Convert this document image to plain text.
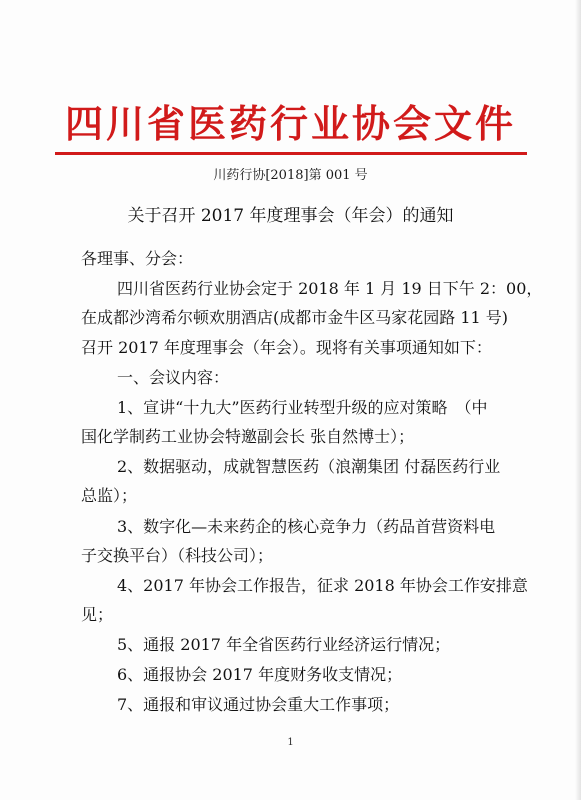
四川省医药行业协会文件
川药行协[2018]第 001 号
关于召开 2017 年度理事会（年会）的通知
各理事、分会：
四川省医药行业协会定于 2018 年 1 月 19 日下午 2：00，
在成都沙湾希尔顿欢朋酒店(成都市金牛区马家花园路 11 号)
召开 2017 年度理事会（年会）。现将有关事项通知如下：
一、会议内容：
1、宣讲“十九大”医药行业转型升级的应对策略　（中
国化学制药工业协会特邀副会长 张自然博士）；
2、数据驱动，成就智慧医药（浪潮集团 付磊医药行业
总监）；
3、数字化—未来药企的核心竞争力（药品首营资料电
子交换平台）（科技公司）；
4、2017 年协会工作报告，征求 2018 年协会工作安排意
见；
5、通报 2017 年全省医药行业经济运行情况；
6、通报协会 2017 年度财务收支情况；
7、通报和审议通过协会重大工作事项；
1
